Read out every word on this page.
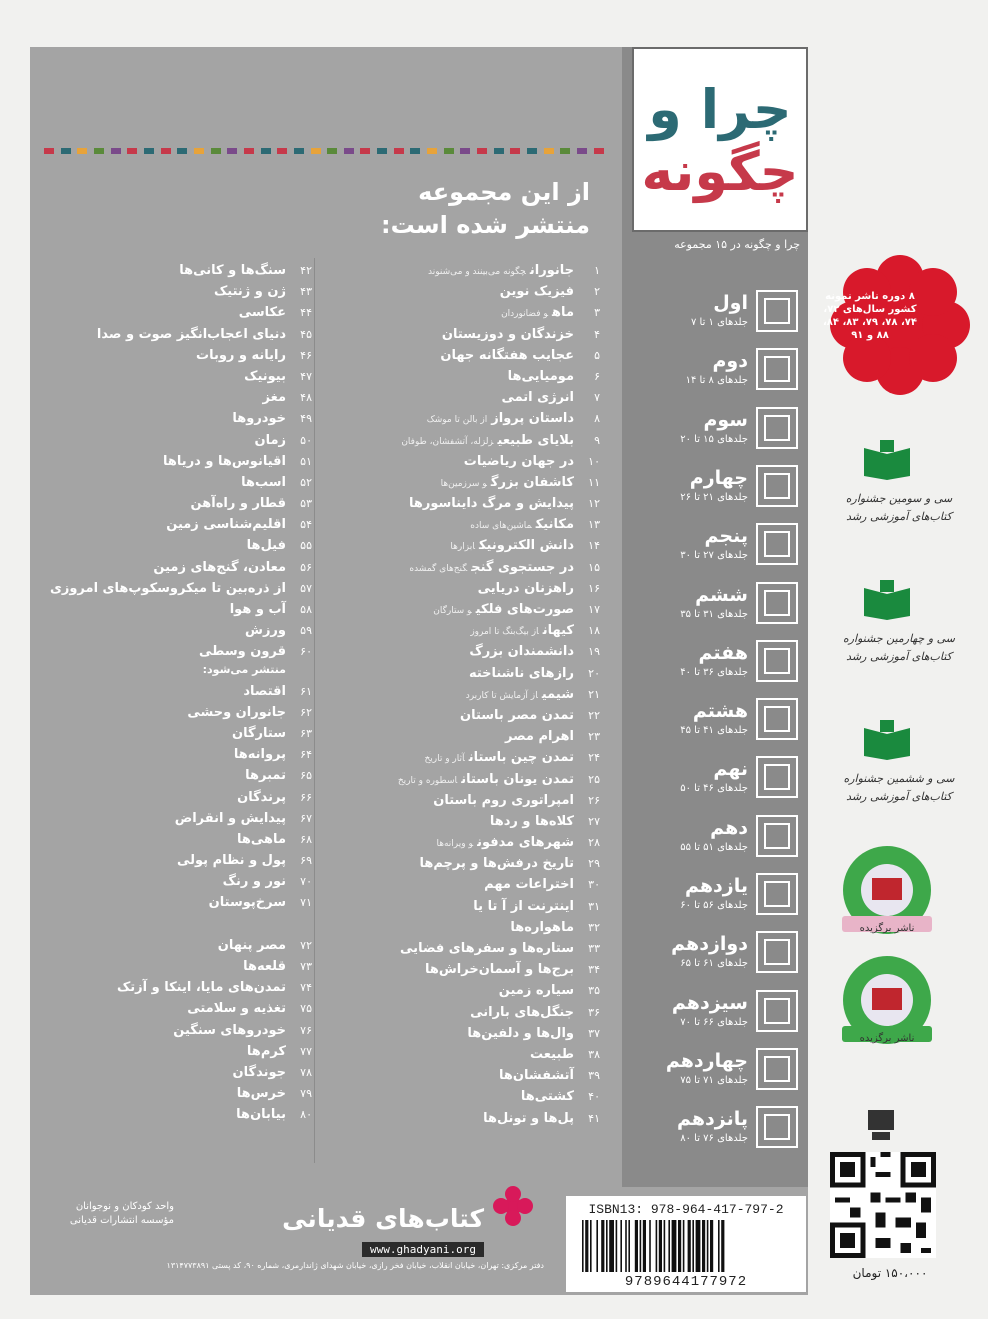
چرا و
چگونه
از این مجموعه
منتشر شده است:
چرا و چگونه در ۱۵ مجموعه
اول
جلدهای ۱ تا ۷
دوم
جلدهای ۸ تا ۱۴
سوم
جلدهای ۱۵ تا ۲۰
چهارم
جلدهای ۲۱ تا ۲۶
پنجم
جلدهای ۲۷ تا ۳۰
ششم
جلدهای ۳۱ تا ۳۵
هفتم
جلدهای ۳۶ تا ۴۰
هشتم
جلدهای ۴۱ تا ۴۵
نهم
جلدهای ۴۶ تا ۵۰
دهم
جلدهای ۵۱ تا ۵۵
یازدهم
جلدهای ۵۶ تا ۶۰
دوازدهم
جلدهای ۶۱ تا ۶۵
سیزدهم
جلدهای ۶۶ تا ۷۰
چهاردهم
جلدهای ۷۱ تا ۷۵
پانزدهم
جلدهای ۷۶ تا ۸۰
۱جانورانچگونه می‌بینند و می‌شنوند
۲فیزیک نوین
۳ماهو فضانوردان
۴خزندگان و دوزیستان
۵عجایب هفتگانه جهان
۶مومیایی‌ها
۷انرژی اتمی
۸داستان پروازاز بالن تا موشک
۹بلایای طبیعیزلزله، آتشفشان، طوفان
۱۰در جهان ریاضیات
۱۱کاشفان بزرگو سرزمین‌ها
۱۲پیدایش و مرگ دایناسورها
۱۳مکانیکماشین‌های ساده
۱۴دانش الکترونیکابزارها
۱۵در جستجوی گنجگنج‌های گمشده
۱۶راهزنان دریایی
۱۷صورت‌های فلکیو ستارگان
۱۸کیهاناز بیگ‌بنگ تا امروز
۱۹دانشمندان بزرگ
۲۰رازهای ناشناخته
۲۱شیمیاز آزمایش تا کاربرد
۲۲تمدن مصر باستان
۲۳اهرام مصر
۲۴تمدن چین باستانآثار و تاریخ
۲۵تمدن یونان باستاناسطوره و تاریخ
۲۶امپراتوری روم باستان
۲۷کلاه‌ها و ردها
۲۸شهرهای مدفونو ویرانه‌ها
۲۹تاریخ درفش‌ها و پرچم‌ها
۳۰اختراعات مهم
۳۱اینترنت از آ تا یا
۳۲ماهواره‌ها
۳۳ستاره‌ها و سفرهای فضایی
۳۴برج‌ها و آسمان‌خراش‌ها
۳۵سیاره زمین
۳۶جنگل‌های بارانی
۳۷وال‌ها و دلفین‌ها
۳۸طبیعت
۳۹آتشفشان‌ها
۴۰کشتی‌ها
۴۱پل‌ها و تونل‌ها
۴۲سنگ‌ها و کانی‌ها
۴۳ژن و ژنتیک
۴۴عکاسی
۴۵دنیای اعجاب‌انگیز صوت و صدا
۴۶رایانه و روبات
۴۷بیونیک
۴۸مغز
۴۹خودروها
۵۰زمان
۵۱اقیانوس‌ها و دریاها
۵۲اسب‌ها
۵۳قطار و راه‌آهن
۵۴اقلیم‌شناسی زمین
۵۵فیل‌ها
۵۶معادن، گنج‌های زمین
۵۷از ذره‌بین تا میکروسکوپ‌های امروزی
۵۸آب و هوا
۵۹ورزش
۶۰قرون وسطی
منتشر می‌شود:
۶۱اقتصاد
۶۲جانوران وحشی
۶۳ستارگان
۶۴پروانه‌ها
۶۵تمبرها
۶۶پرندگان
۶۷پیدایش و انقراض
۶۸ماهی‌ها
۶۹پول و نظام پولی
۷۰نور و رنگ
۷۱سرخ‌پوستان
۷۲مصر پنهان
۷۳قلعه‌ها
۷۴تمدن‌های مایا، اینکا و آزتک
۷۵تغذیه و سلامتی
۷۶خودروهای سنگین
۷۷کرم‌ها
۷۸جوندگان
۷۹خرس‌ها
۸۰بیابان‌ها
۸ دوره ناشر نمونه کشور سال‌های ۷۲، ۷۴، ۷۸، ۷۹، ۸۳، ۸۴، ۸۸ و ۹۱
سی و سومین جشنواره
کتاب‌های آموزشی رشد
سی و چهارمین جشنواره
کتاب‌های آموزشی رشد
سی و ششمین جشنواره
کتاب‌های آموزشی رشد
ناشر برگزیده
ناشر برگزیده
۱۵۰،۰۰۰ تومان
کتاب‌های قدیانی
واحد کودکان و نوجوانان مؤسسه انتشارات قدیانی
www.ghadyani.org
دفتر مرکزی: تهران، خیابان انقلاب، خیابان فخر رازی، خیابان شهدای ژاندارمری، شماره ۹۰، کد پستی ۱۳۱۴۷۷۳۸۹۱
ISBN13: 978-964-417-797-2
9789644177972
